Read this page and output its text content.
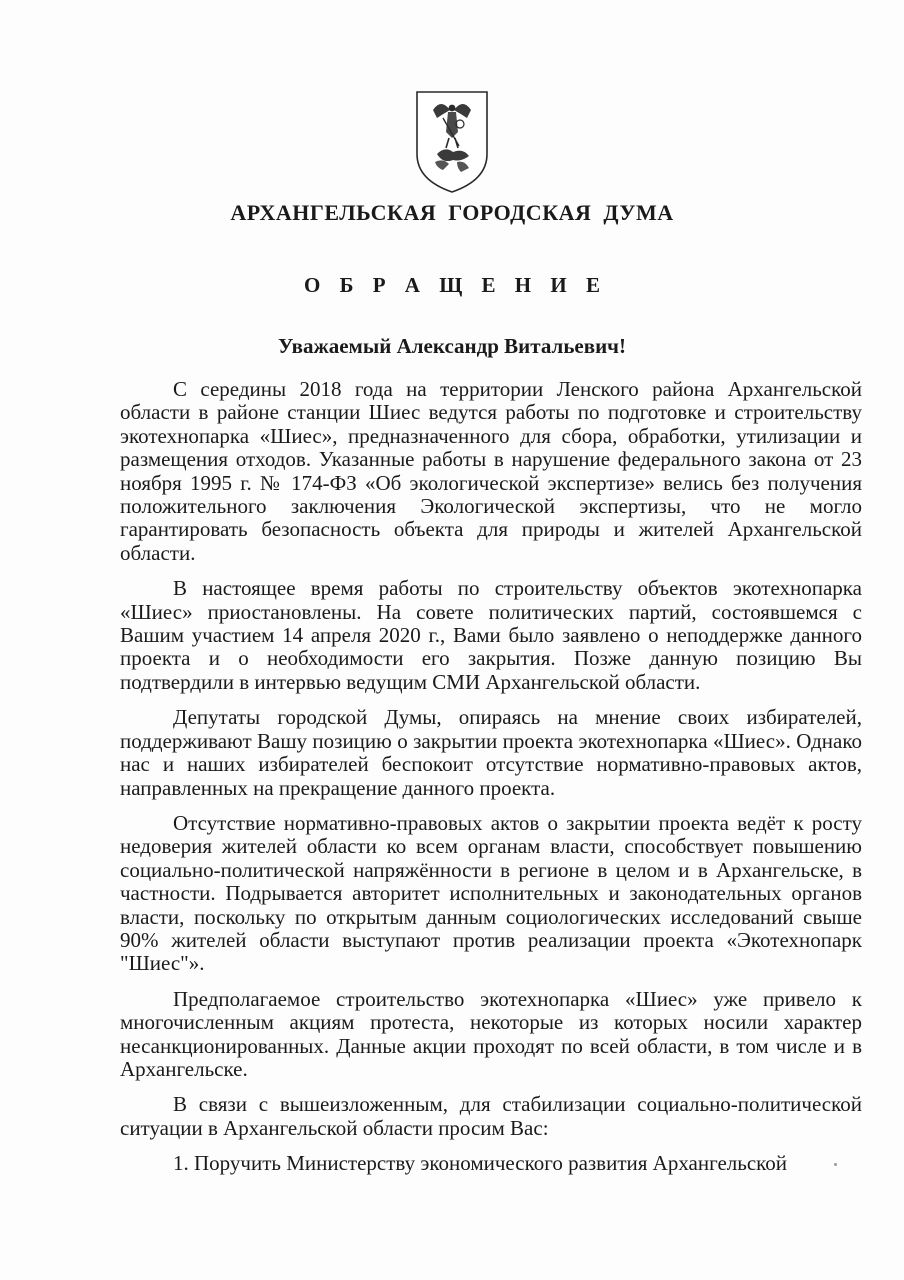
АРХАНГЕЛЬСКАЯ ГОРОДСКАЯ ДУМА
О Б Р А Щ Е Н И Е
Уважаемый Александр Витальевич!

С середины 2018 года на территории Ленского района Архангельской области в районе станции Шиес ведутся работы по подготовке и строительству экотехнопарка «Шиес», предназначенного для сбора, обработки, утилизации и размещения отходов. Указанные работы в нарушение федерального закона от 23 ноября 1995 г. № 174-ФЗ «Об экологической экспертизе» велись без получения положительного заключения Экологической экспертизы, что не могло гарантировать безопасность объекта для природы и жителей Архангельской области.

В настоящее время работы по строительству объектов экотехнопарка «Шиес» приостановлены. На совете политических партий, состоявшемся с Вашим участием 14 апреля 2020 г., Вами было заявлено о неподдержке данного проекта и о необходимости его закрытия. Позже данную позицию Вы подтвердили в интервью ведущим СМИ Архангельской области.

Депутаты городской Думы, опираясь на мнение своих избирателей, поддерживают Вашу позицию о закрытии проекта экотехнопарка «Шиес». Однако нас и наших избирателей беспокоит отсутствие нормативно-правовых актов, направленных на прекращение данного проекта.

Отсутствие нормативно-правовых актов о закрытии проекта ведёт к росту недоверия жителей области ко всем органам власти, способствует повышению социально-политической напряжённости в регионе в целом и в Архангельске, в частности. Подрывается авторитет исполнительных и законодательных органов власти, поскольку по открытым данным социологических исследований свыше 90% жителей области выступают против реализации проекта «Экотехнопарк "Шиес"».

Предполагаемое строительство экотехнопарка «Шиес» уже привело к многочисленным акциям протеста, некоторые из которых носили характер несанкционированных. Данные акции проходят по всей области, в том числе и в Архангельске.

В связи с вышеизложенным, для стабилизации социально-политической ситуации в Архангельской области просим Вас:

1. Поручить Министерству экономического развития Архангельской
